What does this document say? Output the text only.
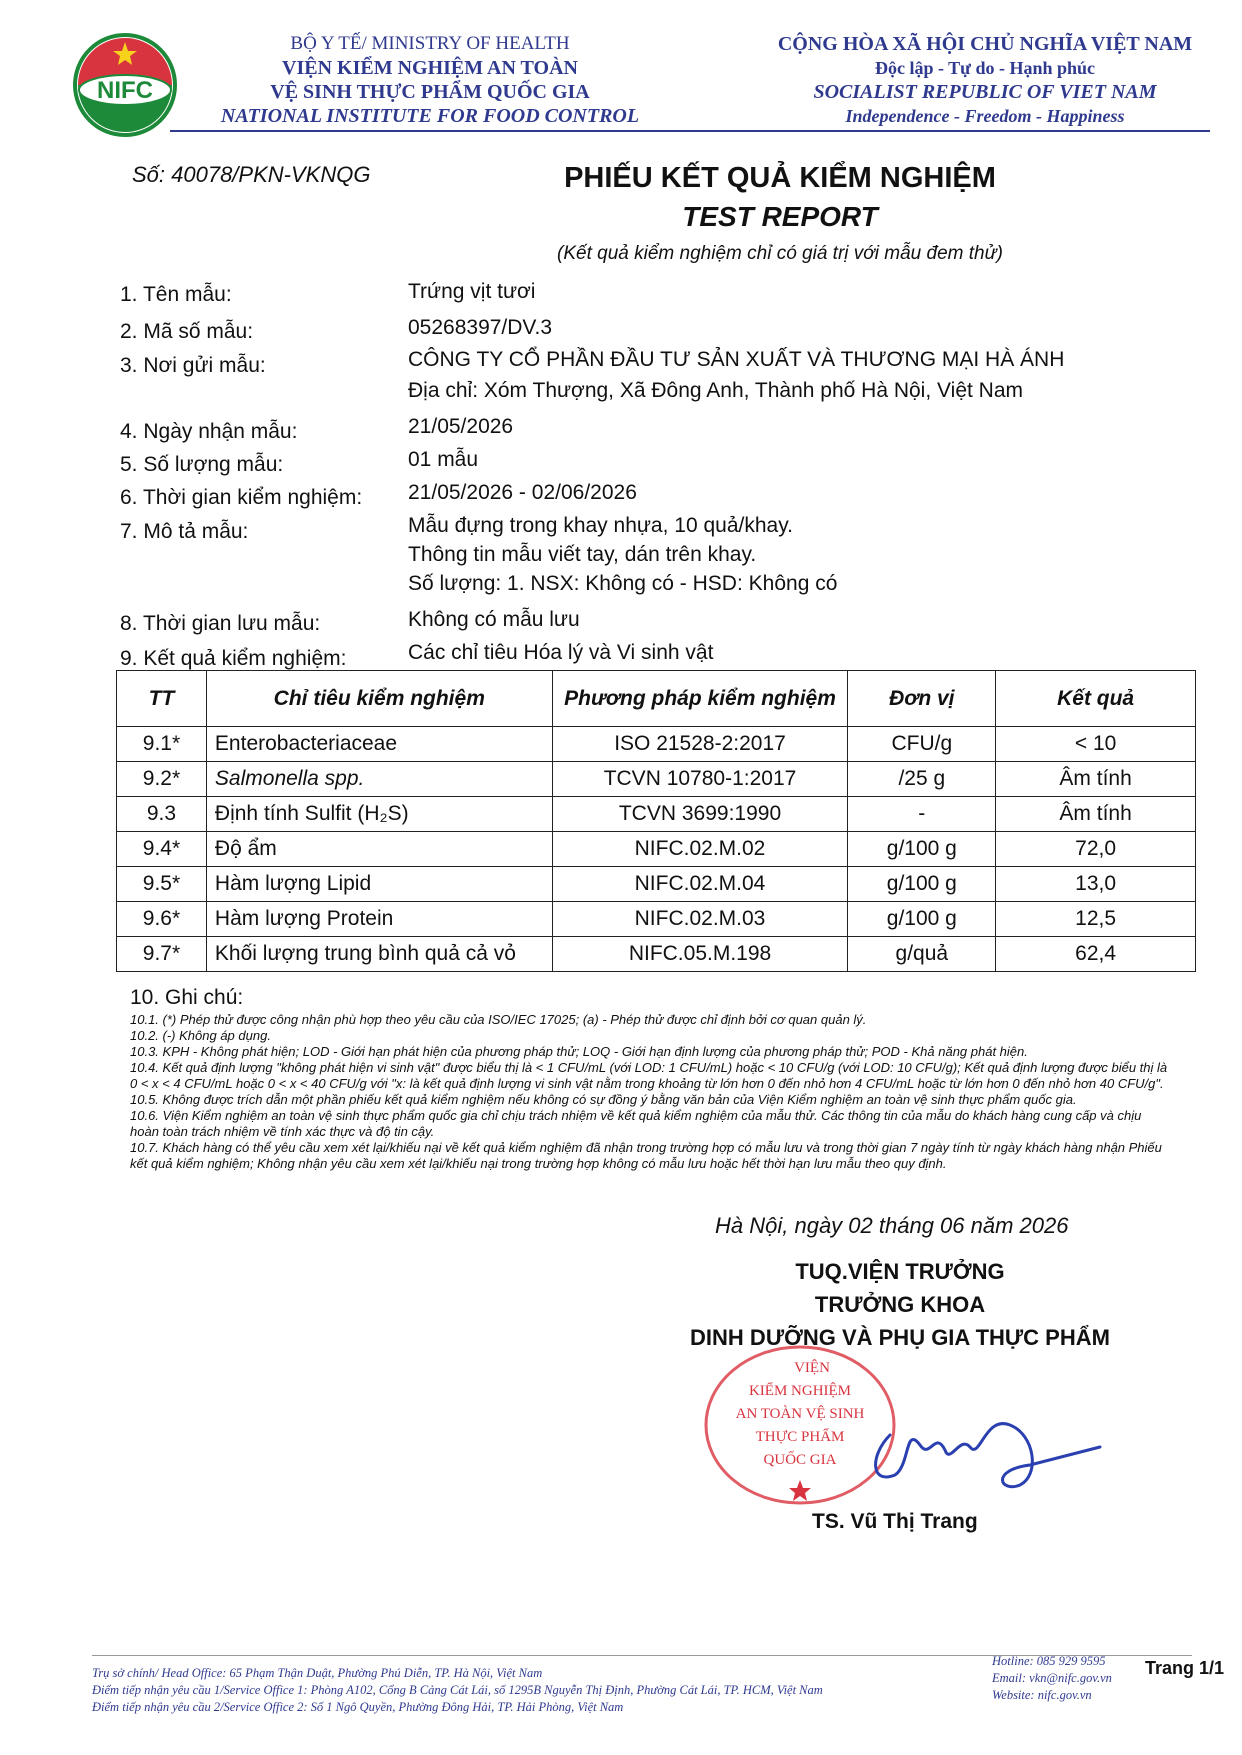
NIFC
BỘ Y TẾ/ MINISTRY OF HEALTH
VIỆN KIỂM NGHIỆM AN TOÀN
VỆ SINH THỰC PHẨM QUỐC GIA
NATIONAL INSTITUTE FOR FOOD CONTROL
CỘNG HÒA XÃ HỘI CHỦ NGHĨA VIỆT NAM
Độc lập - Tự do - Hạnh phúc
SOCIALIST REPUBLIC OF VIET NAM
Independence - Freedom - Happiness
Số: 40078/PKN-VKNQG	PHIẾU KẾT QUẢ KIỂM NGHIỆM
TEST REPORT
(Kết quả kiểm nghiệm chỉ có giá trị với mẫu đem thử)
1. Tên mẫu:	Trứng vịt tươi
2. Mã số mẫu:	05268397/DV.3
3. Nơi gửi mẫu:	CÔNG TY CỔ PHẦN ĐẦU TƯ SẢN XUẤT VÀ THƯƠNG MẠI HÀ ÁNH
Địa chỉ: Xóm Thượng, Xã Đông Anh, Thành phố Hà Nội, Việt Nam
4. Ngày nhận mẫu:	21/05/2026
5. Số lượng mẫu:	01 mẫu
6. Thời gian kiểm nghiệm: 21/05/2026 - 02/06/2026
7. Mô tả mẫu:	Mẫu đựng trong khay nhựa, 10 quả/khay.
Thông tin mẫu viết tay, dán trên khay.
Số lượng: 1. NSX: Không có - HSD: Không có
8. Thời gian lưu mẫu:	Không có mẫu lưu
9. Kết quả kiểm nghiệm:	Các chỉ tiêu Hóa lý và Vi sinh vật
TT	Chỉ tiêu kiểm nghiệm	Phương pháp kiểm nghiệm	Đơn vị	Kết quả
9.1*	Enterobacteriaceae	ISO 21528-2:2017	CFU/g	< 10
9.2*	Salmonella spp.	TCVN 10780-1:2017	/25 g	Âm tính
9.3	Định tính Sulfit (H₂S)	TCVN 3699:1990	-	Âm tính
9.4*	Độ ẩm	NIFC.02.M.02	g/100 g	72,0
9.5*	Hàm lượng Lipid	NIFC.02.M.04	g/100 g	13,0
9.6*	Hàm lượng Protein	NIFC.02.M.03	g/100 g	12,5
9.7*	Khối lượng trung bình quả cả vỏ	NIFC.05.M.198	g/quả	62,4
10. Ghi chú:
10.1. (*) Phép thử được công nhận phù hợp theo yêu cầu của ISO/IEC 17025; (a) - Phép thử được chỉ định bởi cơ quan quản lý.
10.2. (-) Không áp dụng.
10.3. KPH - Không phát hiện; LOD - Giới hạn phát hiện của phương pháp thử; LOQ - Giới hạn định lượng của phương pháp thử; POD - Khả năng phát hiện.
10.4. Kết quả định lượng "không phát hiện vi sinh vật" được biểu thị là < 1 CFU/mL (với LOD: 1 CFU/mL) hoặc < 10 CFU/g (với LOD: 10 CFU/g); Kết quả định lượng được biểu thị là 0 < x < 4 CFU/mL hoặc 0 < x < 40 CFU/g với "x: là kết quả định lượng vi sinh vật nằm trong khoảng từ lớn hơn 0 đến nhỏ hơn 4 CFU/mL hoặc từ lớn hơn 0 đến nhỏ hơn 40 CFU/g".
10.5. Không được trích dẫn một phần phiếu kết quả kiểm nghiệm nếu không có sự đồng ý bằng văn bản của Viện Kiểm nghiệm an toàn vệ sinh thực phẩm quốc gia.
10.6. Viện Kiểm nghiệm an toàn vệ sinh thực phẩm quốc gia chỉ chịu trách nhiệm về kết quả kiểm nghiệm của mẫu thử. Các thông tin của mẫu do khách hàng cung cấp và chịu hoàn toàn trách nhiệm về tính xác thực và độ tin cậy.
10.7. Khách hàng có thể yêu cầu xem xét lại/khiếu nại về kết quả kiểm nghiệm đã nhận trong trường hợp có mẫu lưu và trong thời gian 7 ngày tính từ ngày khách hàng nhận Phiếu kết quả kiểm nghiệm; Không nhận yêu cầu xem xét lại/khiếu nại trong trường hợp không có mẫu lưu hoặc hết thời hạn lưu mẫu theo quy định.
Hà Nội, ngày 02 tháng 06 năm 2026
TUQ.VIỆN TRƯỞNG
TRƯỞNG KHOA
DINH DƯỠNG VÀ PHỤ GIA THỰC PHẨM
VIỆN
KIỂM NGHIỆM
AN TOÀN VỆ SINH
THỰC PHẨM
QUỐC GIA
TS. Vũ Thị Trang
Trụ sở chính/ Head Office: 65 Phạm Thận Duật, Phường Phú Diễn, TP. Hà Nội, Việt Nam
Điểm tiếp nhận yêu cầu 1/Service Office 1: Phòng A102, Cổng B Cảng Cát Lái, số 1295B Nguyễn Thị Định, Phường Cát Lái, TP. HCM, Việt Nam
Điểm tiếp nhận yêu cầu 2/Service Office 2: Số 1 Ngô Quyền, Phường Đông Hải, TP. Hải Phòng, Việt Nam
Hotline: 085 929 9595
Email: vkn@nifc.gov.vn
Website: nifc.gov.vn
Trang 1/1
